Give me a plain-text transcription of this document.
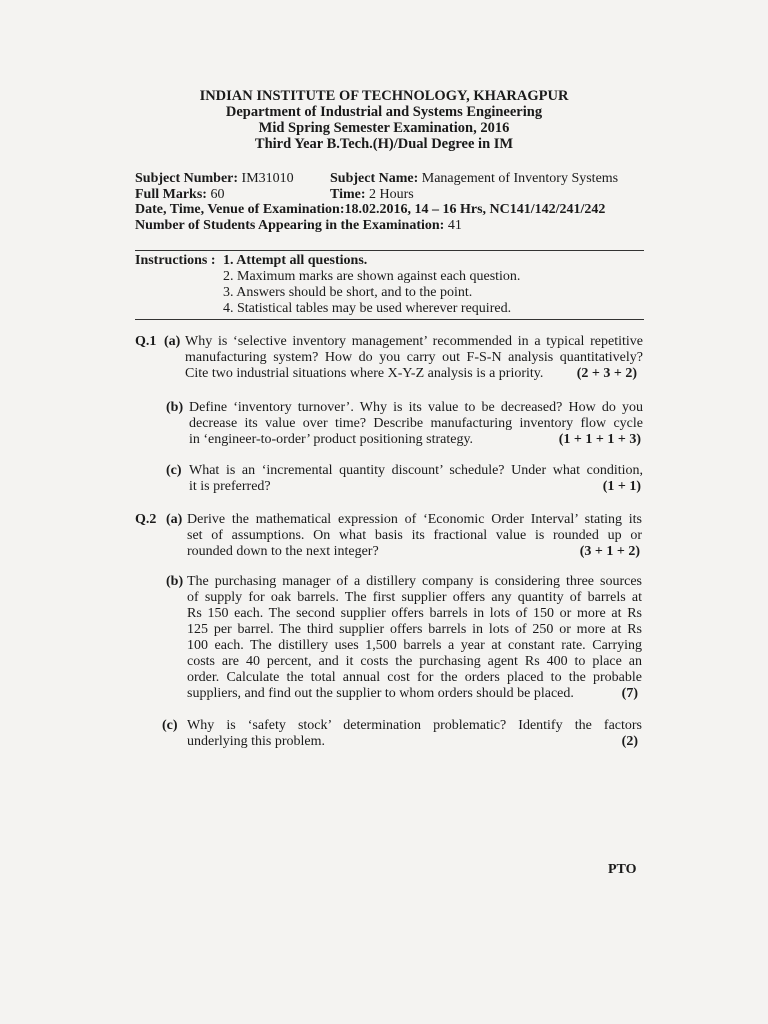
INDIAN INSTITUTE OF TECHNOLOGY, KHARAGPUR
Department of Industrial and Systems Engineering
Mid Spring Semester Examination, 2016
Third Year B.Tech.(H)/Dual Degree in IM
Subject Number: IM31010	Subject Name: Management of Inventory Systems
Full Marks: 60	Time: 2 Hours
Date, Time, Venue of Examination:18.02.2016, 14 – 16 Hrs, NC141/142/241/242
Number of Students Appearing in the Examination: 41
Instructions : 1. Attempt all questions.
2. Maximum marks are shown against each question.
3. Answers should be short, and to the point.
4. Statistical tables may be used wherever required.
Q.1 (a) Why is ‘selective inventory management’ recommended in a typical repetitive
manufacturing system? How do you carry out F-S-N analysis quantitatively?
Cite two industrial situations where X-Y-Z analysis is a priority. (2 + 3 + 2)
(b) Define ‘inventory turnover’. Why is its value to be decreased? How do you
decrease its value over time? Describe manufacturing inventory flow cycle
in ‘engineer-to-order’ product positioning strategy.	(1 + 1 + 1 + 3)
(c) What is an ‘incremental quantity discount’ schedule? Under what condition,
it is preferred?	(1 + 1)
Q.2 (a) Derive the mathematical expression of ‘Economic Order Interval’ stating its
set of assumptions. On what basis its fractional value is rounded up or
rounded down to the next integer?	(3 + 1 + 2)
(b) The purchasing manager of a distillery company is considering three sources
of supply for oak barrels. The first supplier offers any quantity of barrels at
Rs 150 each. The second supplier offers barrels in lots of 150 or more at Rs
125 per barrel. The third supplier offers barrels in lots of 250 or more at Rs
100 each. The distillery uses 1,500 barrels a year at constant rate. Carrying
costs are 40 percent, and it costs the purchasing agent Rs 400 to place an
order. Calculate the total annual cost for the orders placed to the probable
suppliers, and find out the supplier to whom orders should be placed.	(7)
(c) Why is ‘safety stock’ determination problematic? Identify the factors
underlying this problem.	(2)
PTO
